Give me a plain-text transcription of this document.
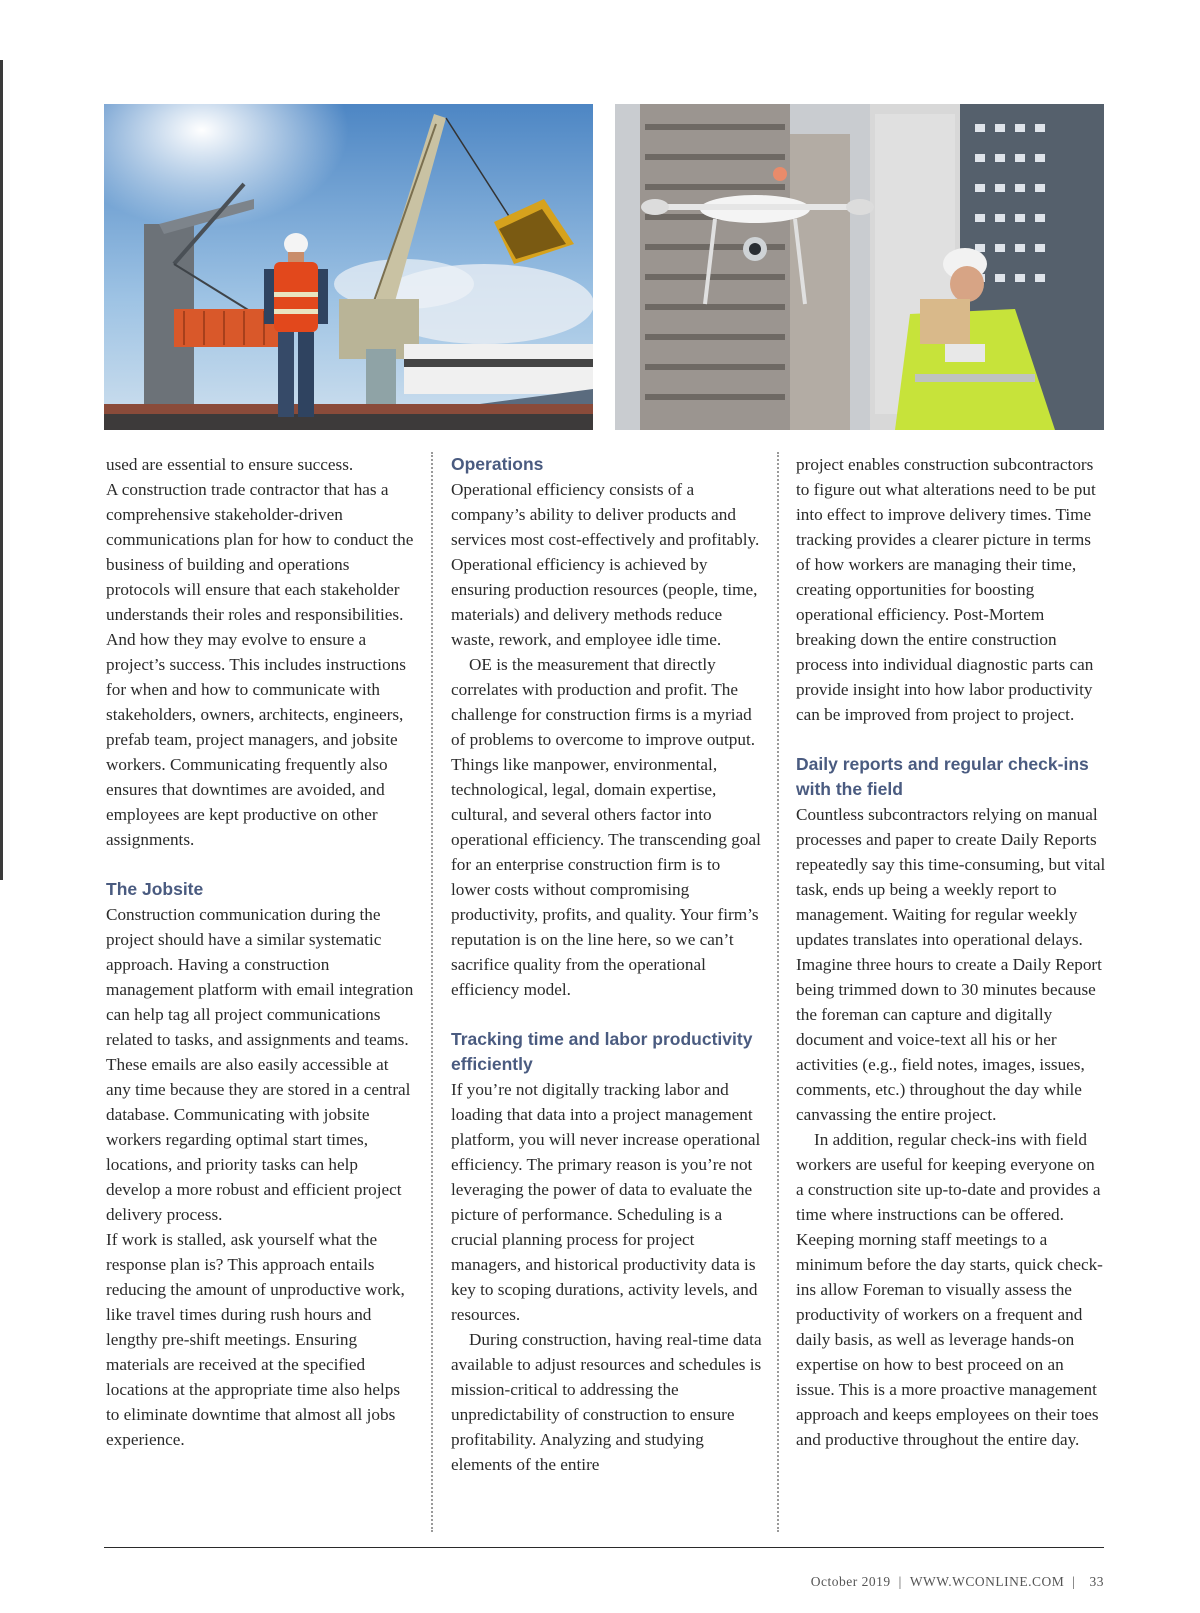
used are essential to ensure success.

A construction trade contractor that has a comprehensive stakeholder-driven communications plan for how to conduct the business of building and operations protocols will ensure that each stakeholder understands their roles and responsibilities. And how they may evolve to ensure a project’s success. This includes instructions for when and how to communicate with stakeholders, owners, architects, engineers, prefab team, project managers, and jobsite workers. Communicating frequently also ensures that downtimes are avoided, and employees are kept productive on other assignments.

The Jobsite

Construction communication during the project should have a similar systematic approach. Having a construction management platform with email integration can help tag all project communications related to tasks, and assignments and teams. These emails are also easily accessible at any time because they are stored in a central database. Communicating with jobsite workers regarding optimal start times, locations, and priority tasks can help develop a more robust and efficient project delivery process.

If work is stalled, ask yourself what the response plan is? This approach entails reducing the amount of unproductive work, like travel times during rush hours and lengthy pre-shift meetings. Ensuring materials are received at the specified locations at the appropriate time also helps to eliminate downtime that almost all jobs experience.

Operations

Operational efficiency consists of a company’s ability to deliver products and services most cost-effectively and profitably. Operational efficiency is achieved by ensuring production resources (people, time, materials) and delivery methods reduce waste, rework, and employee idle time.

OE is the measurement that directly correlates with production and profit. The challenge for construction firms is a myriad of problems to overcome to improve output. Things like manpower, environmental, technological, legal, domain expertise, cultural, and several others factor into operational efficiency. The transcending goal for an enterprise construction firm is to lower costs without compromising productivity, profits, and quality. Your firm’s reputation is on the line here, so we can’t sacrifice quality from the operational efficiency model.

Tracking time and labor productivity efficiently

If you’re not digitally tracking labor and loading that data into a project management platform, you will never increase operational efficiency. The primary reason is you’re not leveraging the power of data to evaluate the picture of performance. Scheduling is a crucial planning process for project managers, and historical productivity data is key to scoping durations, activity levels, and resources.

During construction, having real-time data available to adjust resources and schedules is mission-critical to addressing the unpredictability of construction to ensure profitability. Analyzing and studying elements of the entire

project enables construction subcontractors to figure out what alterations need to be put into effect to improve delivery times. Time tracking provides a clearer picture in terms of how workers are managing their time, creating opportunities for boosting operational efficiency. Post-Mortem breaking down the entire construction process into individual diagnostic parts can provide insight into how labor productivity can be improved from project to project.

Daily reports and regular check-ins with the field

Countless subcontractors relying on manual processes and paper to create Daily Reports repeatedly say this time-consuming, but vital task, ends up being a weekly report to management. Waiting for regular weekly updates translates into operational delays. Imagine three hours to create a Daily Report being trimmed down to 30 minutes because the foreman can capture and digitally document and voice-text all his or her activities (e.g., field notes, images, issues, comments, etc.) throughout the day while canvassing the entire project.

In addition, regular check-ins with field workers are useful for keeping everyone on a construction site up-to-date and provides a time where instructions can be offered. Keeping morning staff meetings to a minimum before the day starts, quick check-ins allow Foreman to visually assess the productivity of workers on a frequent and daily basis, as well as leverage hands-on expertise on how to best proceed on an issue. This is a more proactive management approach and keeps employees on their toes and productive throughout the entire day.

October 2019 | WWW.WCONLINE.COM | 33
